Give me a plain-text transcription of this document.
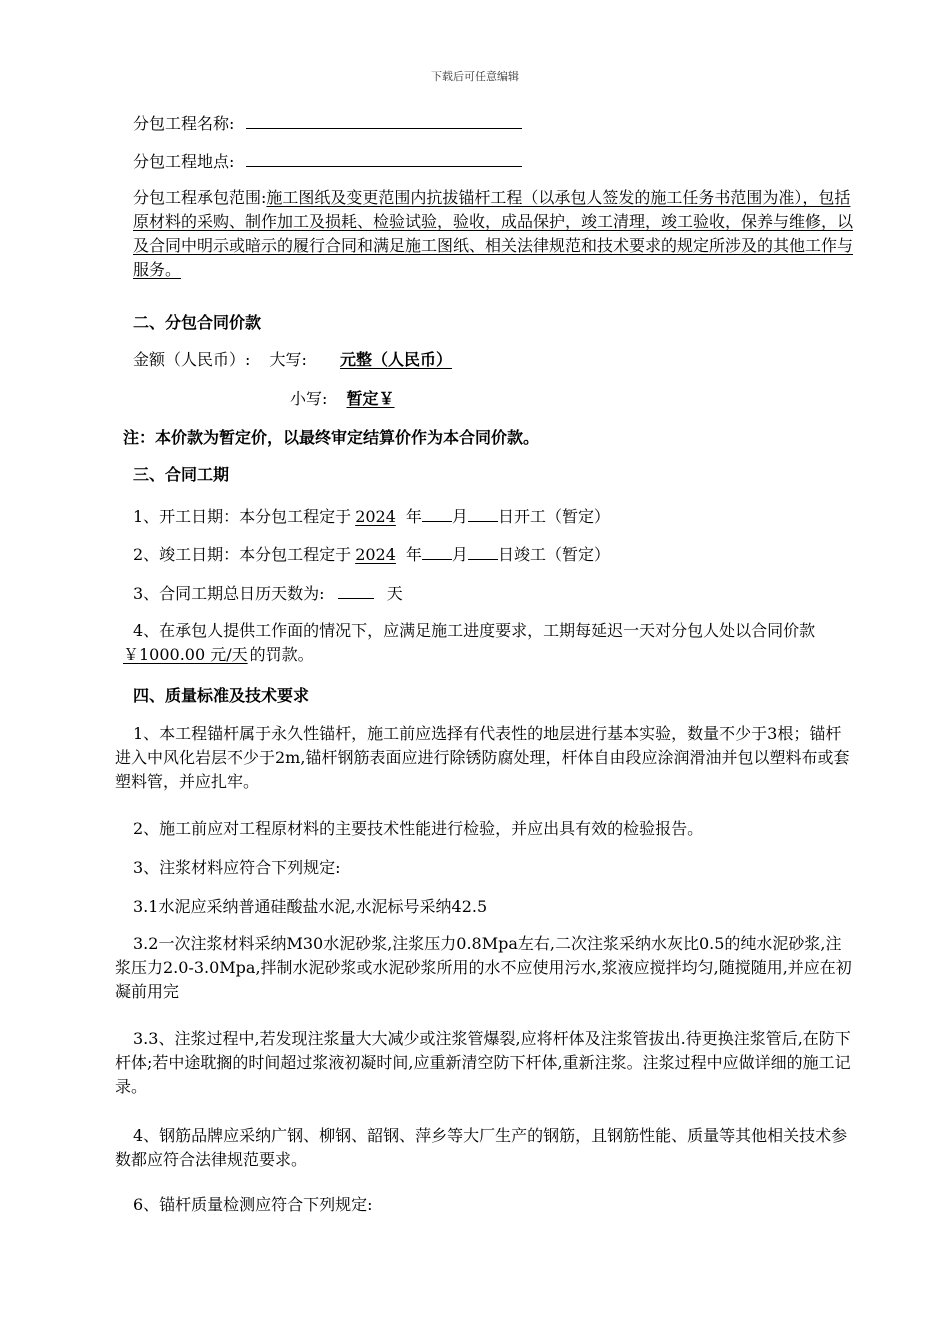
下载后可任意编辑
分包工程名称:
分包工程地点:
分包工程承包范围:施工图纸及变更范围内抗拔锚杆工程（以承包人签发的施工任务书范围为准），包括原材料的采购、制作加工及损耗、检验试验，验收，成品保护，竣工清理，竣工验收，保养与维修，以及合同中明示或暗示的履行合同和满足施工图纸、相关法律规范和技术要求的规定所涉及的其他工作与服务。
二、分包合同价款
金额（人民币）: 大写: 元整（人民币）
小写: 暂定￥
注：本价款为暂定价，以最终审定结算价作为本合同价款。
三、合同工期
1、开工日期：本分包工程定于 2024 年 月 日开工（暂定）
2、竣工日期：本分包工程定于 2024 年 月 日竣工（暂定）
3、合同工期总日历天数为:	天
4、在承包人提供工作面的情况下，应满足施工进度要求，工期每延迟一天对分包人处以合同价款￥1000.00 元/天 的罚款。
四、质量标准及技术要求
1、本工程锚杆属于永久性锚杆，施工前应选择有代表性的地层进行基本实验，数量不少于3根；锚杆进入中风化岩层不少于2m,锚杆钢筋表面应进行除锈防腐处理，杆体自由段应涂润滑油并包以塑料布或套塑料管，并应扎牢。
2、施工前应对工程原材料的主要技术性能进行检验，并应出具有效的检验报告。
3、注浆材料应符合下列规定:
3.1水泥应采纳普通硅酸盐水泥,水泥标号采纳42.5
3.2一次注浆材料采纳M30水泥砂浆,注浆压力0.8Mpa左右,二次注浆采纳水灰比0.5的纯水泥砂浆,注浆压力2.0-3.0Mpa,拌制水泥砂浆或水泥砂浆所用的水不应使用污水,浆液应搅拌均匀,随搅随用,并应在初凝前用完
3.3、注浆过程中,若发现注浆量大大减少或注浆管爆裂,应将杆体及注浆管拔出.待更换注浆管后,在防下杆体;若中途耽搁的时间超过浆液初凝时间,应重新清空防下杆体,重新注浆。注浆过程中应做详细的施工记录。
4、钢筋品牌应采纳广钢、柳钢、韶钢、萍乡等大厂生产的钢筋，且钢筋性能、质量等其他相关技术参数都应符合法律规范要求。
6、锚杆质量检测应符合下列规定:
